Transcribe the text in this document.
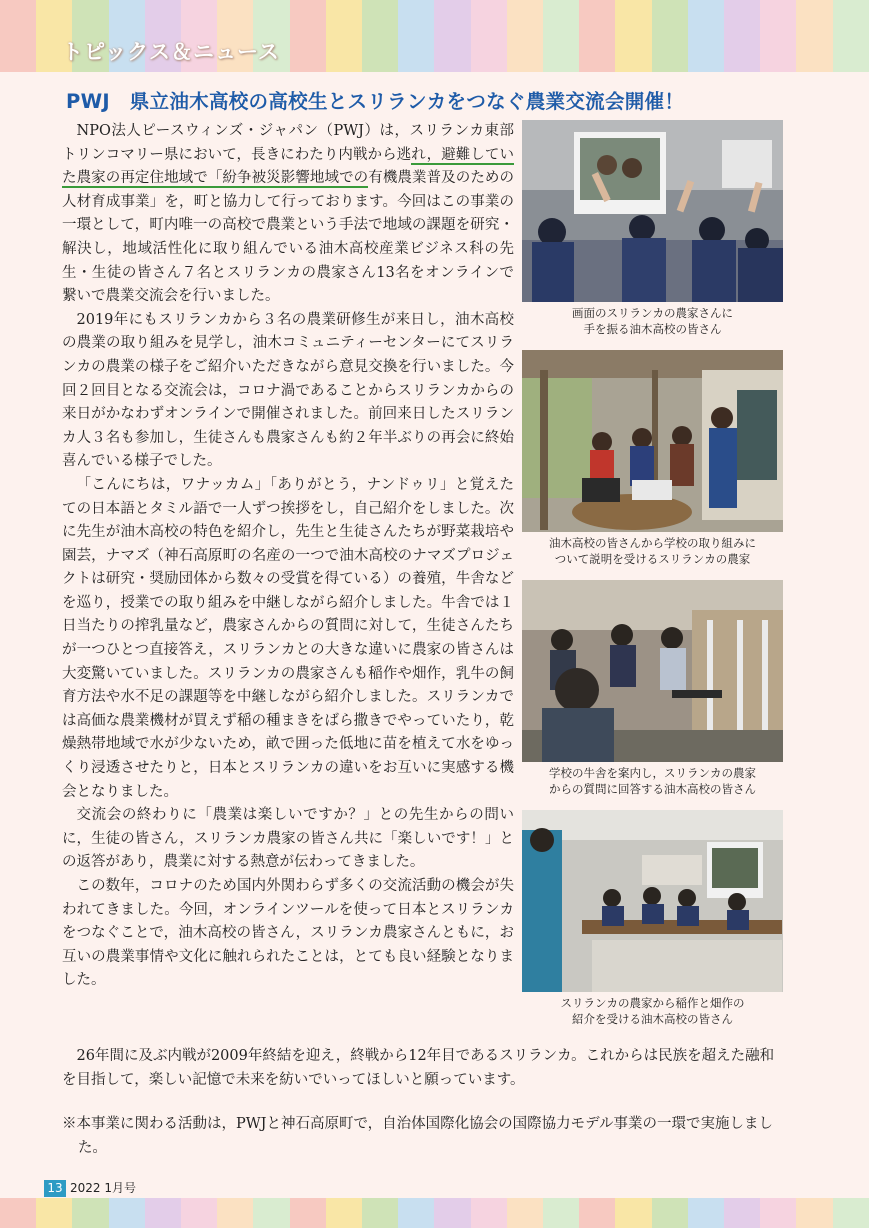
トピックス＆ニュース
PWJ　県立油木高校の高校生とスリランカをつなぐ農業交流会開催！

NPO法人ピースウィンズ・ジャパン（PWJ）は，スリランカ東部トリンコマリー県において，長きにわたり内戦から逃れ，避難していた農家の再定住地域で「紛争被災影響地域での有機農業普及のための人材育成事業」を，町と協力して行っております。今回はこの事業の一環として，町内唯一の高校で農業という手法で地域の課題を研究・解決し，地域活性化に取り組んでいる油木高校産業ビジネス科の先生・生徒の皆さん７名とスリランカの農家さん13名をオンラインで繋いで農業交流会を行いました。

2019年にもスリランカから３名の農業研修生が来日し，油木高校の農業の取り組みを見学し，油木コミュニティーセンターにてスリランカの農業の様子をご紹介いただきながら意見交換を行いました。今回２回目となる交流会は，コロナ渦であることからスリランカからの来日がかなわずオンラインで開催されました。前回来日したスリランカ人３名も参加し，生徒さんも農家さんも約２年半ぶりの再会に終始喜んでいる様子でした。

「こんにちは，ワナッカム」「ありがとう，ナンドゥリ」と覚えたての日本語とタミル語で一人ずつ挨拶をし，自己紹介をしました。次に先生が油木高校の特色を紹介し，先生と生徒さんたちが野菜栽培や園芸，ナマズ（神石高原町の名産の一つで油木高校のナマズプロジェクトは研究・奨励団体から数々の受賞を得ている）の養殖，牛舎などを巡り，授業での取り組みを中継しながら紹介しました。牛舎では１日当たりの搾乳量など，農家さんからの質問に対して，生徒さんたちが一つひとつ直接答え，スリランカとの大きな違いに農家の皆さんは大変驚いていました。スリランカの農家さんも稲作や畑作，乳牛の飼育方法や水不足の課題等を中継しながら紹介しました。スリランカでは高価な農業機材が買えず稲の種まきをばら撒きでやっていたり，乾燥熱帯地域で水が少ないため，畝で囲った低地に苗を植えて水をゆっくり浸透させたりと，日本とスリランカの違いをお互いに実感する機会となりました。

交流会の終わりに「農業は楽しいですか？」との先生からの問いに，生徒の皆さん，スリランカ農家の皆さん共に「楽しいです！」との返答があり，農業に対する熱意が伝わってきました。

この数年，コロナのため国内外関わらず多くの交流活動の機会が失われてきました。今回，オンラインツールを使って日本とスリランカをつなぐことで，油木高校の皆さん，スリランカ農家さんともに，お互いの農業事情や文化に触れられたことは，とても良い経験となりました。

26年間に及ぶ内戦が2009年終結を迎え，終戦から12年目であるスリランカ。これからは民族を超えた融和を目指して，楽しい記憶で未来を紡いでいってほしいと願っています。

※本事業に関わる活動は，PWJと神石高原町で，自治体国際化協会の国際協力モデル事業の一環で実施しました。

画面のスリランカの農家さんに
手を振る油木高校の皆さん
油木高校の皆さんから学校の取り組みに
ついて説明を受けるスリランカの農家
学校の牛舎を案内し，スリランカの農家
からの質問に回答する油木高校の皆さん
スリランカの農家から稲作と畑作の
紹介を受ける油木高校の皆さん
13 2022 1月号
